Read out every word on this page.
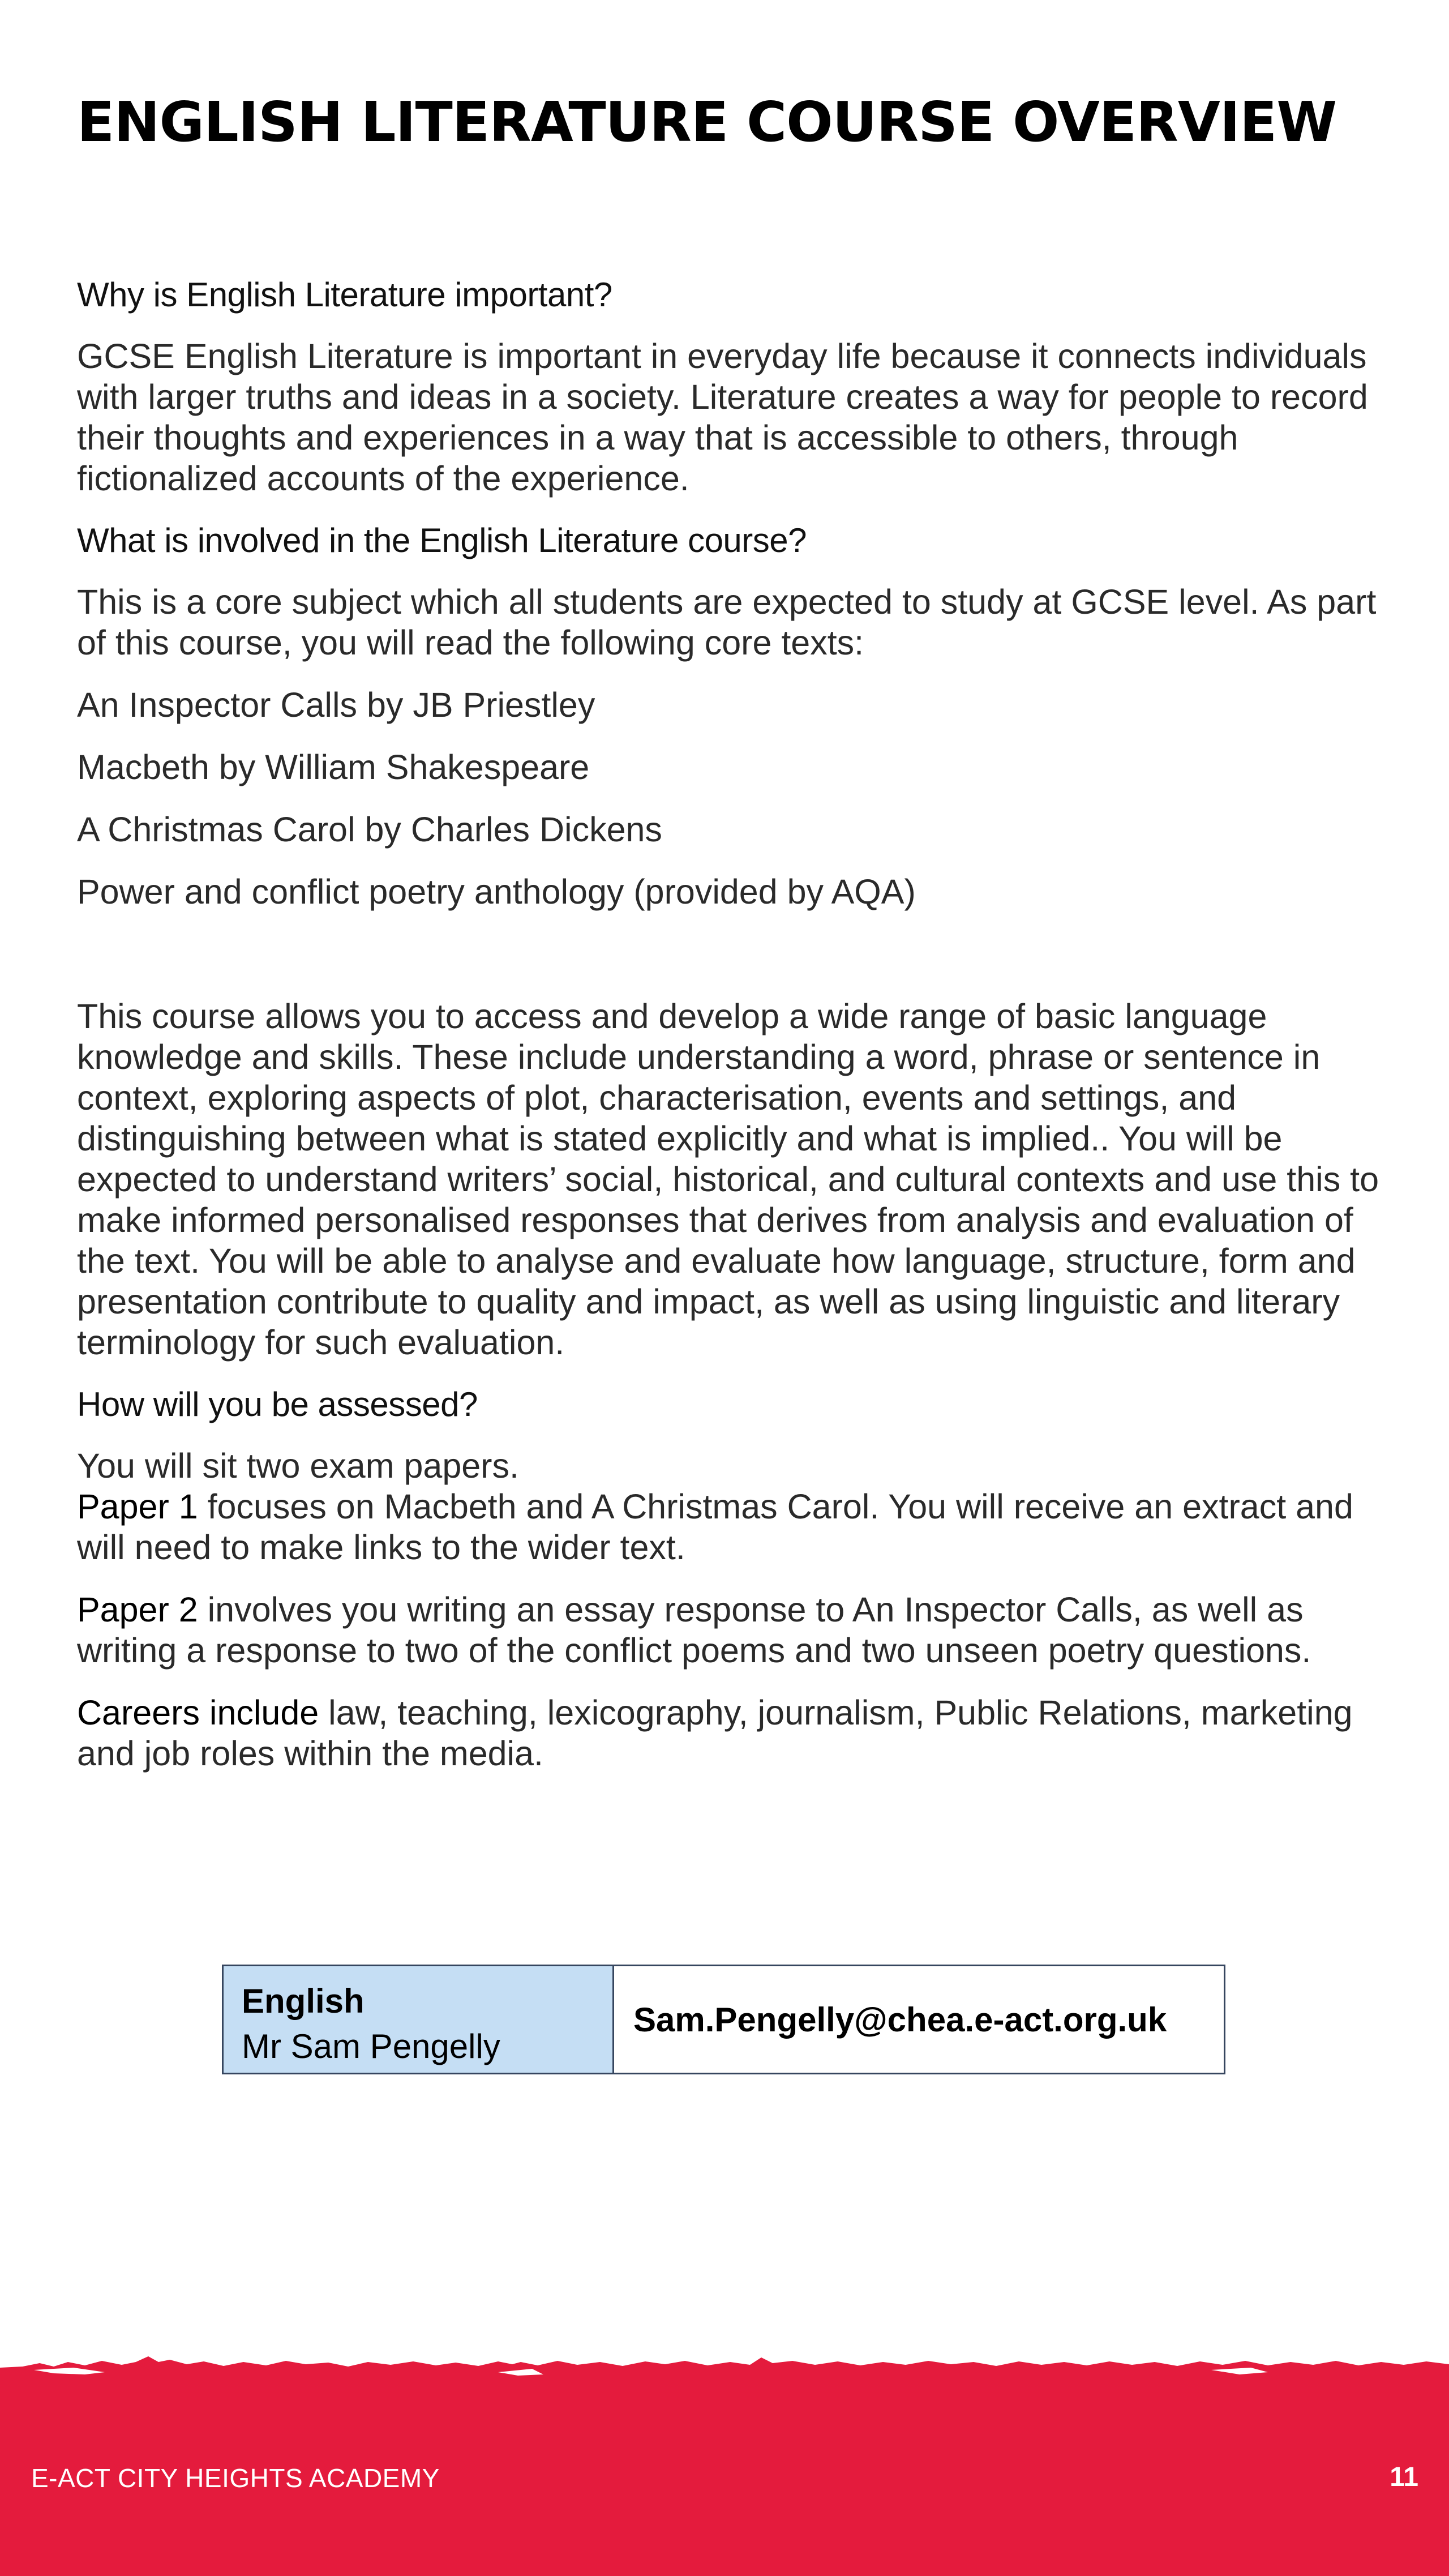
ENGLISH LITERATURE COURSE OVERVIEW
Why is English Literature important?

GCSE English Literature is important in everyday life because it connects individuals with larger truths and ideas in a society. Literature creates a way for people to record their thoughts and experiences in a way that is accessible to others, through fictionalized accounts of the experience.

What is involved in the English Literature course?

This is a core subject which all students are expected to study at GCSE level. As part of this course, you will read the following core texts:

An Inspector Calls by JB Priestley
Macbeth by William Shakespeare
A Christmas Carol by Charles Dickens
Power and conflict poetry anthology (provided by AQA)

This course allows you to access and develop a wide range of basic language knowledge and skills. These include understanding a word, phrase or sentence in context, exploring aspects of plot, characterisation, events and settings, and distinguishing between what is stated explicitly and what is implied.. You will be expected to understand writers’ social, historical, and cultural contexts and use this to make informed personalised responses that derives from analysis and evaluation of the text. You will be able to analyse and evaluate how language, structure, form and presentation contribute to quality and impact, as well as using linguistic and literary terminology for such evaluation.

How will you be assessed?

You will sit two exam papers.
Paper 1 focuses on Macbeth and A Christmas Carol. You will receive an extract and will need to make links to the wider text.

Paper 2 involves you writing an essay response to An Inspector Calls, as well as writing a response to two of the conflict poems and two unseen poetry questions.

Careers include law, teaching, lexicography, journalism, Public Relations, marketing and job roles within the media.

English
Mr Sam Pengelly
Sam.Pengelly@chea.e-act.org.uk
E-ACT CITY HEIGHTS ACADEMY	11
